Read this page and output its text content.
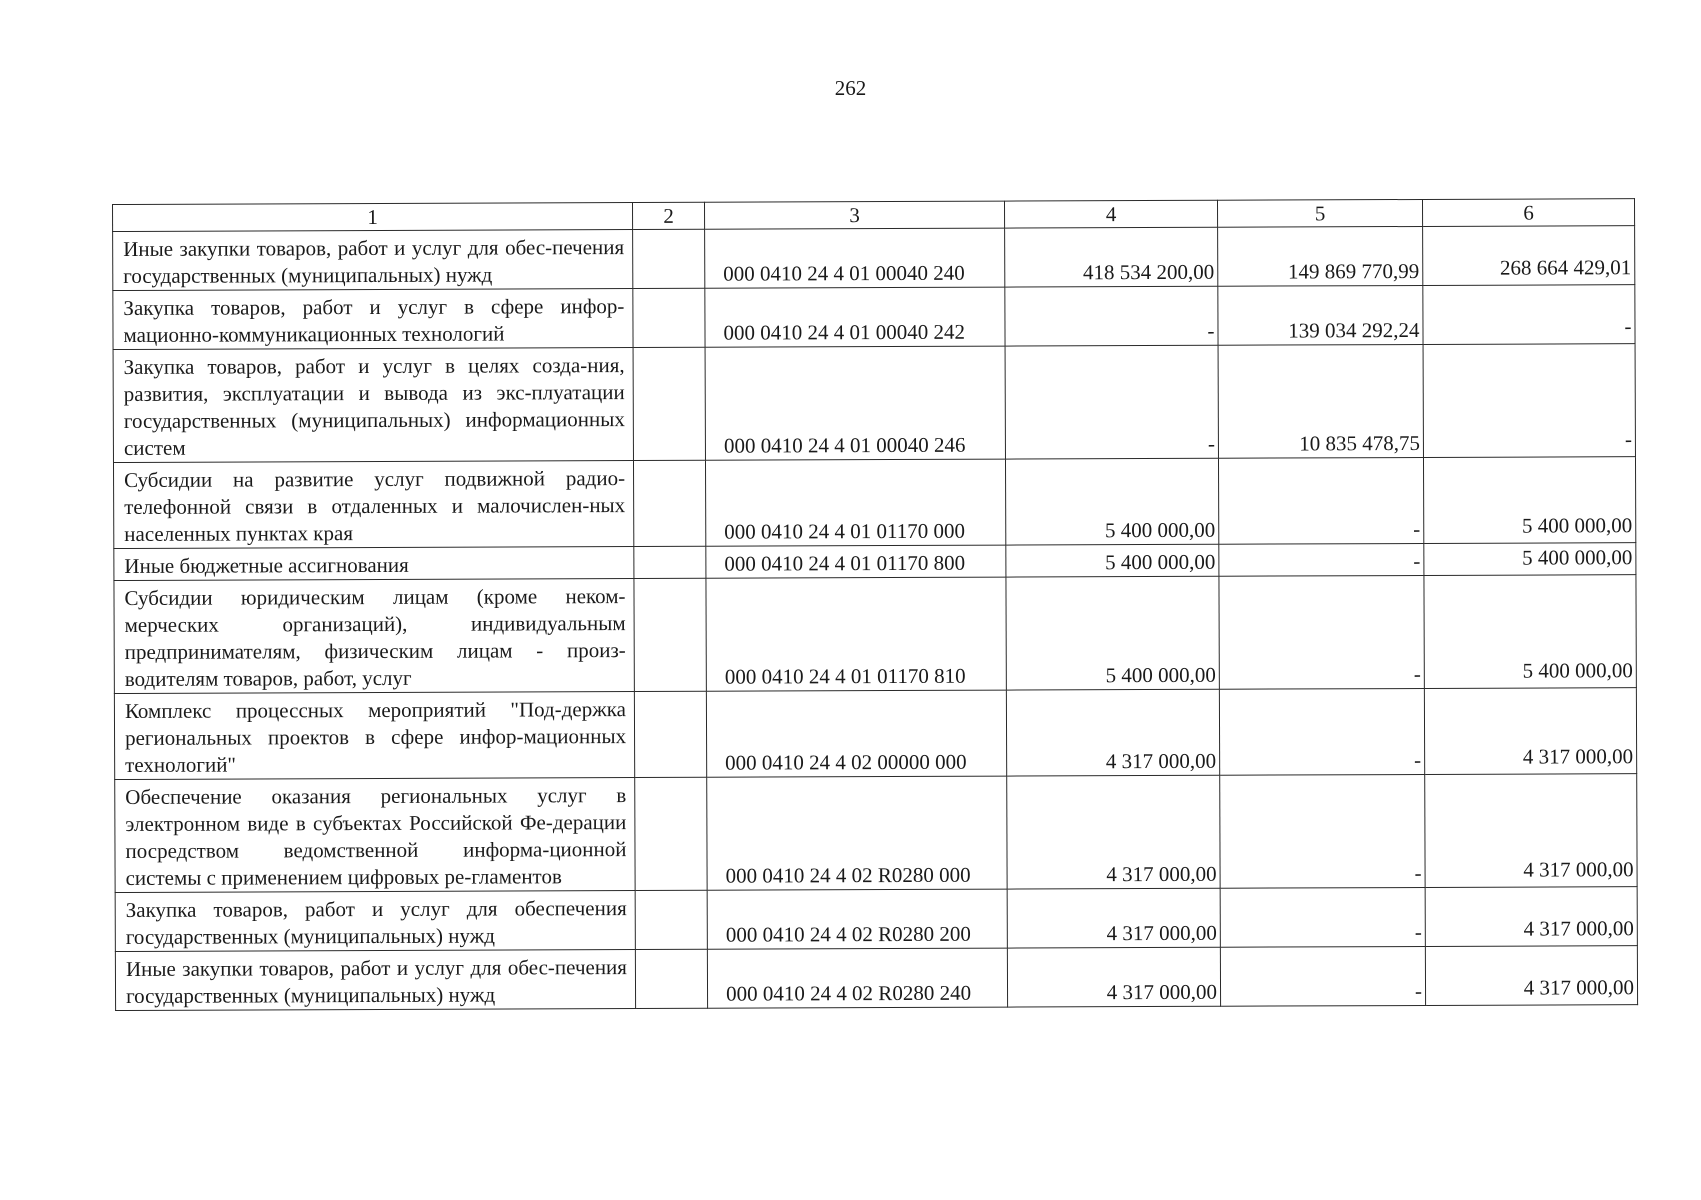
262
1	2	3	4	5	6
Иные закупки товаров, работ и услуг для обес-печения государственных (муниципальных) нужд		000 0410 24 4 01 00040 240	418 534 200,00	149 869 770,99	268 664 429,01
Закупка товаров, работ и услуг в сфере инфор-мационно-коммуникационных технологий		000 0410 24 4 01 00040 242	-	139 034 292,24	-
Закупка товаров, работ и услуг в целях созда-ния, развития, эксплуатации и вывода из экс-плуатации государственных (муниципальных) информационных систем		000 0410 24 4 01 00040 246	-	10 835 478,75	-
Субсидии на развитие услуг подвижной радио-телефонной связи в отдаленных и малочислен-ных населенных пунктах края		000 0410 24 4 01 01170 000	5 400 000,00	-	5 400 000,00
Иные бюджетные ассигнования		000 0410 24 4 01 01170 800	5 400 000,00	-	5 400 000,00
Субсидии юридическим лицам (кроме неком-мерческих организаций), индивидуальным предпринимателям, физическим лицам - произ-водителям товаров, работ, услуг		000 0410 24 4 01 01170 810	5 400 000,00	-	5 400 000,00
Комплекс процессных мероприятий "Под-держка региональных проектов в сфере инфор-мационных технологий"		000 0410 24 4 02 00000 000	4 317 000,00	-	4 317 000,00
Обеспечение оказания региональных услуг в электронном виде в субъектах Российской Фе-дерации посредством ведомственной информа-ционной системы с применением цифровых ре-гламентов		000 0410 24 4 02 R0280 000	4 317 000,00	-	4 317 000,00
Закупка товаров, работ и услуг для обеспечения государственных (муниципальных) нужд		000 0410 24 4 02 R0280 200	4 317 000,00	-	4 317 000,00
Иные закупки товаров, работ и услуг для обес-печения государственных (муниципальных) нужд		000 0410 24 4 02 R0280 240	4 317 000,00	-	4 317 000,00
